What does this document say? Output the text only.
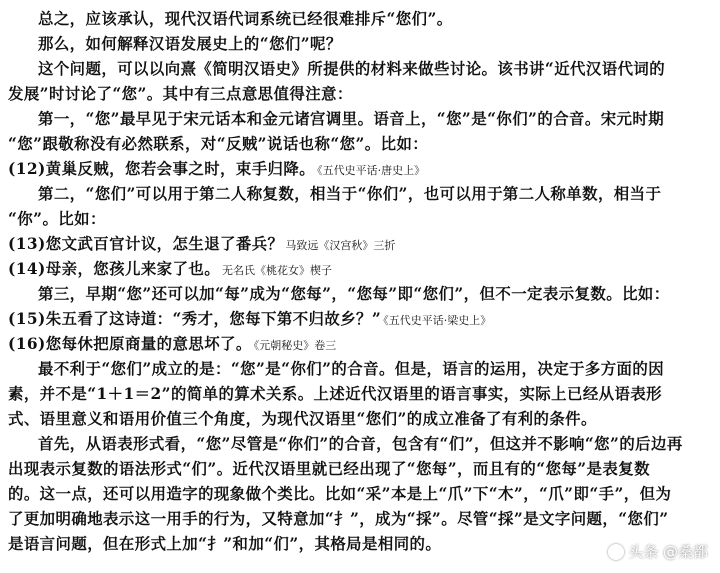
总之，应该承认，现代汉语代词系统已经很难排斥“您们”。
那么，如何解释汉语发展史上的“您们”呢？
这个问题，可以以向熹《简明汉语史》所提供的材料来做些讨论。该书讲“近代汉语代词的
发展”时讨论了“您”。其中有三点意思值得注意：
第一，“您”最早见于宋元话本和金元诸宫调里。语音上，“您”是“你们”的合音。宋元时期
“您”跟敬称没有必然联系，对“反贼”说话也称“您”。比如：
(12)黄巢反贼，您若会事之时，束手归降。 《五代史平话·唐史上》
第二，“您们”可以用于第二人称复数，相当于“你们”，也可以用于第二人称单数，相当于
“你”。比如：
(13)您文武百官计议，怎生退了番兵？ 马致远《汉宫秋》三折
(14)母亲，您孩儿来家了也。 无名氏《桃花女》楔子
第三，早期“您”还可以加“每”成为“您每”，“您每”即“您们”，但不一定表示复数。比如：
(15)朱五看了这诗道：“秀才，您每下第不归故乡？” 《五代史平话·梁史上》
(16)您每休把原商量的意思坏了。 《元朝秘史》卷三
最不利于“您们”成立的是：“您”是“你们”的合音。但是，语言的运用，决定于多方面的因
素，并不是“1＋1＝2”的简单的算术关系。上述近代汉语里的语言事实，实际上已经从语表形
式、语里意义和语用价值三个角度，为现代汉语里“您们”的成立准备了有利的条件。
首先，从语表形式看，“您”尽管是“你们”的合音，包含有“们”，但这并不影响“您”的后边再
出现表示复数的语法形式“们”。近代汉语里就已经出现了“您每”，而且有的“您每”是表复数
的。这一点，还可以用造字的现象做个类比。比如“采”本是上“爪”下“木”，“爪”即“手”，但为
了更加明确地表示这一用手的行为，又特意加“扌”，成为“採”。尽管“採”是文字问题，“您们”
是语言问题，但在形式上加“扌”和加“们”，其格局是相同的。	头条 @桑都
